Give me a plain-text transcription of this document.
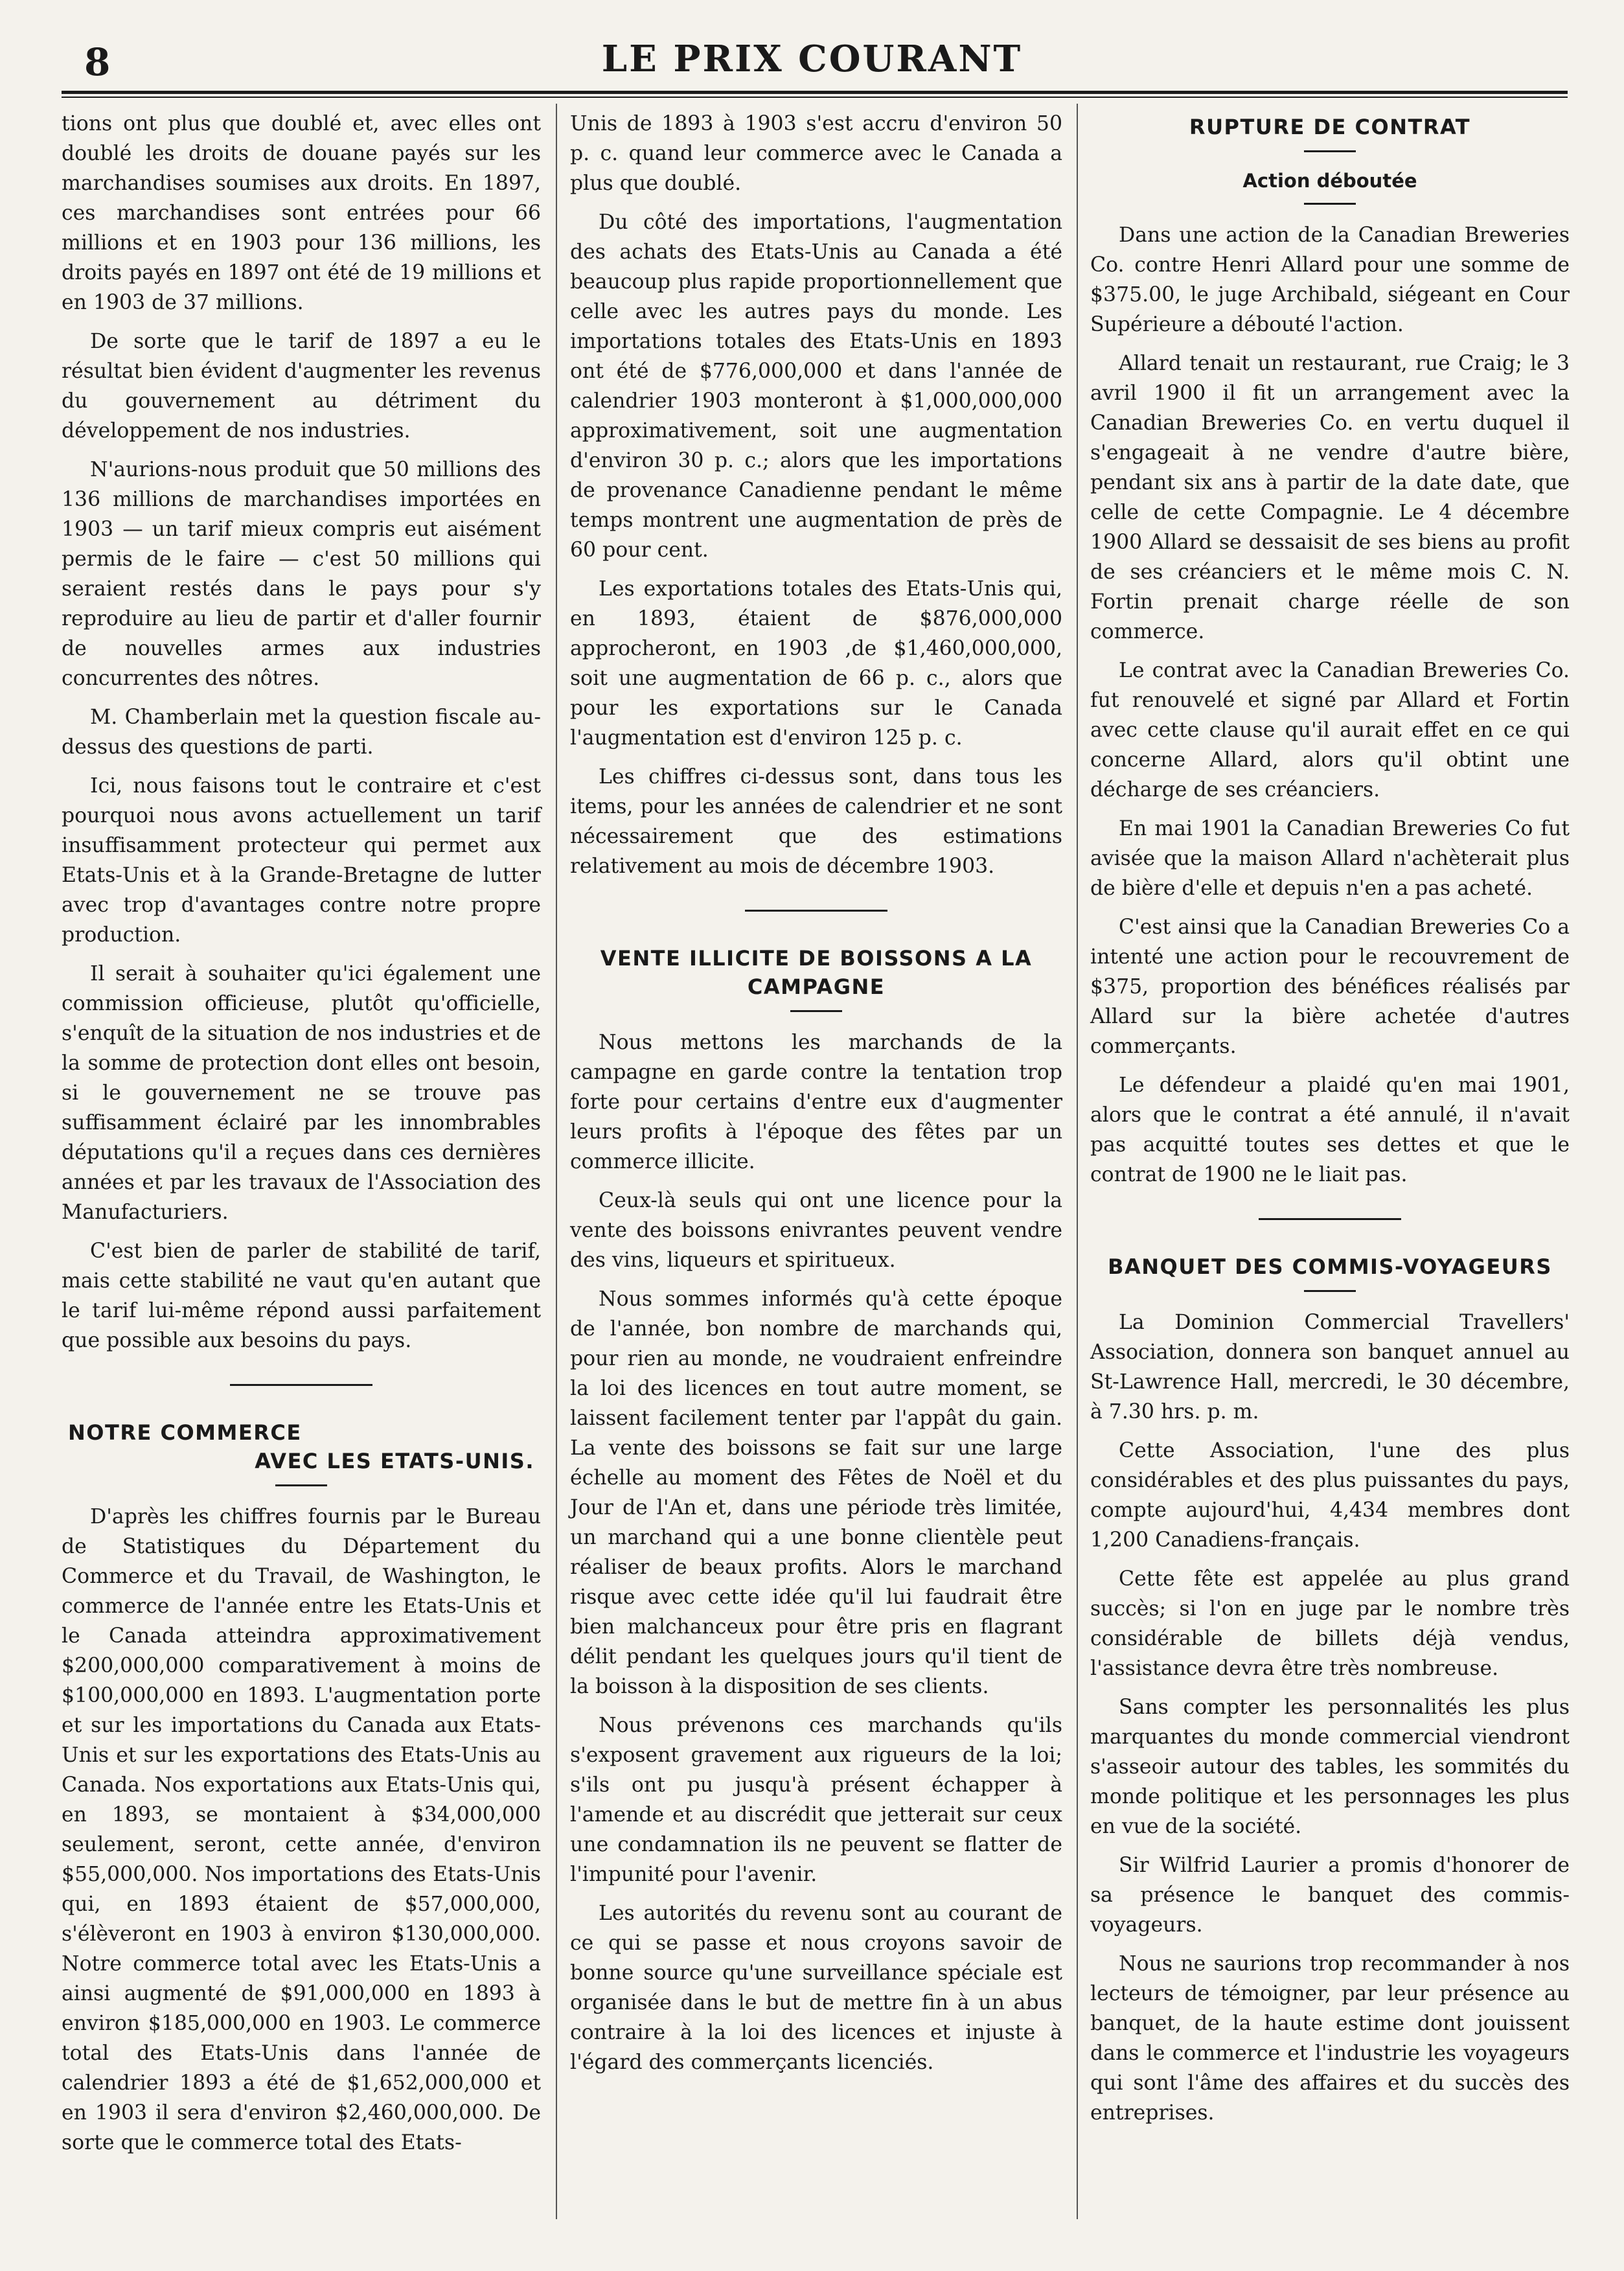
8	LE PRIX COURANT

tions ont plus que doublé et, avec elles ont doublé les droits de douane payés sur les marchandises soumises aux droits. En 1897, ces marchandises sont entrées pour 66 millions et en 1903 pour 136 millions, les droits payés en 1897 ont été de 19 millions et en 1903 de 37 millions.

De sorte que le tarif de 1897 a eu le résultat bien évident d'augmenter les revenus du gouvernement au détriment du développement de nos industries.

N'aurions-nous produit que 50 millions des 136 millions de marchandises importées en 1903 — un tarif mieux compris eut aisément permis de le faire — c'est 50 millions qui seraient restés dans le pays pour s'y reproduire au lieu de partir et d'aller fournir de nouvelles armes aux industries concurrentes des nôtres.

M. Chamberlain met la question fiscale au-dessus des questions de parti.

Ici, nous faisons tout le contraire et c'est pourquoi nous avons actuellement un tarif insuffisamment protecteur qui permet aux Etats-Unis et à la Grande-Bretagne de lutter avec trop d'avantages contre notre propre production.

Il serait à souhaiter qu'ici également une commission officieuse, plutôt qu'officielle, s'enquît de la situation de nos industries et de la somme de protection dont elles ont besoin, si le gouvernement ne se trouve pas suffisamment éclairé par les innombrables députations qu'il a reçues dans ces dernières années et par les travaux de l'Association des Manufacturiers.

C'est bien de parler de stabilité de tarif, mais cette stabilité ne vaut qu'en autant que le tarif lui-même répond aussi parfaitement que possible aux besoins du pays.

NOTRE COMMERCE
AVEC LES ETATS-UNIS.

D'après les chiffres fournis par le Bureau de Statistiques du Département du Commerce et du Travail, de Washington, le commerce de l'année entre les Etats-Unis et le Canada atteindra approximativement $200,000,000 comparativement à moins de $100,000,000 en 1893. L'augmentation porte et sur les importations du Canada aux Etats-Unis et sur les exportations des Etats-Unis au Canada. Nos exportations aux Etats-Unis qui, en 1893, se montaient à $34,000,000 seulement, seront, cette année, d'environ $55,000,000. Nos importations des Etats-Unis qui, en 1893 étaient de $57,000,000, s'élèveront en 1903 à environ $130,000,000. Notre commerce total avec les Etats-Unis a ainsi augmenté de $91,000,000 en 1893 à environ $185,000,000 en 1903. Le commerce total des Etats-Unis dans l'année de calendrier 1893 a été de $1,652,000,000 et en 1903 il sera d'environ $2,460,000,000. De sorte que le commerce total des Etats-

Unis de 1893 à 1903 s'est accru d'environ 50 p. c. quand leur commerce avec le Canada a plus que doublé.

Du côté des importations, l'augmentation des achats des Etats-Unis au Canada a été beaucoup plus rapide proportionnellement que celle avec les autres pays du monde. Les importations totales des Etats-Unis en 1893 ont été de $776,000,000 et dans l'année de calendrier 1903 monteront à $1,000,000,000 approximativement, soit une augmentation d'environ 30 p. c.; alors que les importations de provenance Canadienne pendant le même temps montrent une augmentation de près de 60 pour cent.

Les exportations totales des Etats-Unis qui, en 1893, étaient de $876,000,000 approcheront, en 1903 ,de $1,460,000,000, soit une augmentation de 66 p. c., alors que pour les exportations sur le Canada l'augmentation est d'environ 125 p. c.

Les chiffres ci-dessus sont, dans tous les items, pour les années de calendrier et ne sont nécessairement que des estimations relativement au mois de décembre 1903.

VENTE ILLICITE DE BOISSONS A LA CAMPAGNE

Nous mettons les marchands de la campagne en garde contre la tentation trop forte pour certains d'entre eux d'augmenter leurs profits à l'époque des fêtes par un commerce illicite.

Ceux-là seuls qui ont une licence pour la vente des boissons enivrantes peuvent vendre des vins, liqueurs et spiritueux.

Nous sommes informés qu'à cette époque de l'année, bon nombre de marchands qui, pour rien au monde, ne voudraient enfreindre la loi des licences en tout autre moment, se laissent facilement tenter par l'appât du gain. La vente des boissons se fait sur une large échelle au moment des Fêtes de Noël et du Jour de l'An et, dans une période très limitée, un marchand qui a une bonne clientèle peut réaliser de beaux profits. Alors le marchand risque avec cette idée qu'il lui faudrait être bien malchanceux pour être pris en flagrant délit pendant les quelques jours qu'il tient de la boisson à la disposition de ses clients.

Nous prévenons ces marchands qu'ils s'exposent gravement aux rigueurs de la loi; s'ils ont pu jusqu'à présent échapper à l'amende et au discrédit que jetterait sur ceux une condamnation ils ne peuvent se flatter de l'impunité pour l'avenir.

Les autorités du revenu sont au courant de ce qui se passe et nous croyons savoir de bonne source qu'une surveillance spéciale est organisée dans le but de mettre fin à un abus contraire à la loi des licences et injuste à l'égard des commerçants licenciés.

RUPTURE DE CONTRAT
Action déboutée

Dans une action de la Canadian Breweries Co. contre Henri Allard pour une somme de $375.00, le juge Archibald, siégeant en Cour Supérieure a débouté l'action.

Allard tenait un restaurant, rue Craig; le 3 avril 1900 il fit un arrangement avec la Canadian Breweries Co. en vertu duquel il s'engageait à ne vendre d'autre bière, pendant six ans à partir de la date date, que celle de cette Compagnie. Le 4 décembre 1900 Allard se dessaisit de ses biens au profit de ses créanciers et le même mois C. N. Fortin prenait charge réelle de son commerce.

Le contrat avec la Canadian Breweries Co. fut renouvelé et signé par Allard et Fortin avec cette clause qu'il aurait effet en ce qui concerne Allard, alors qu'il obtint une décharge de ses créanciers.

En mai 1901 la Canadian Breweries Co fut avisée que la maison Allard n'achèterait plus de bière d'elle et depuis n'en a pas acheté.

C'est ainsi que la Canadian Breweries Co a intenté une action pour le recouvrement de $375, proportion des bénéfices réalisés par Allard sur la bière achetée d'autres commerçants.

Le défendeur a plaidé qu'en mai 1901, alors que le contrat a été annulé, il n'avait pas acquitté toutes ses dettes et que le contrat de 1900 ne le liait pas.

BANQUET DES COMMIS-VOYAGEURS

La Dominion Commercial Travellers' Association, donnera son banquet annuel au St-Lawrence Hall, mercredi, le 30 décembre, à 7.30 hrs. p. m.

Cette Association, l'une des plus considérables et des plus puissantes du pays, compte aujourd'hui, 4,434 membres dont 1,200 Canadiens-français.

Cette fête est appelée au plus grand succès; si l'on en juge par le nombre très considérable de billets déjà vendus, l'assistance devra être très nombreuse.

Sans compter les personnalités les plus marquantes du monde commercial viendront s'asseoir autour des tables, les sommités du monde politique et les personnages les plus en vue de la société.

Sir Wilfrid Laurier a promis d'honorer de sa présence le banquet des commis-voyageurs.

Nous ne saurions trop recommander à nos lecteurs de témoigner, par leur présence au banquet, de la haute estime dont jouissent dans le commerce et l'industrie les voyageurs qui sont l'âme des affaires et du succès des entreprises.
